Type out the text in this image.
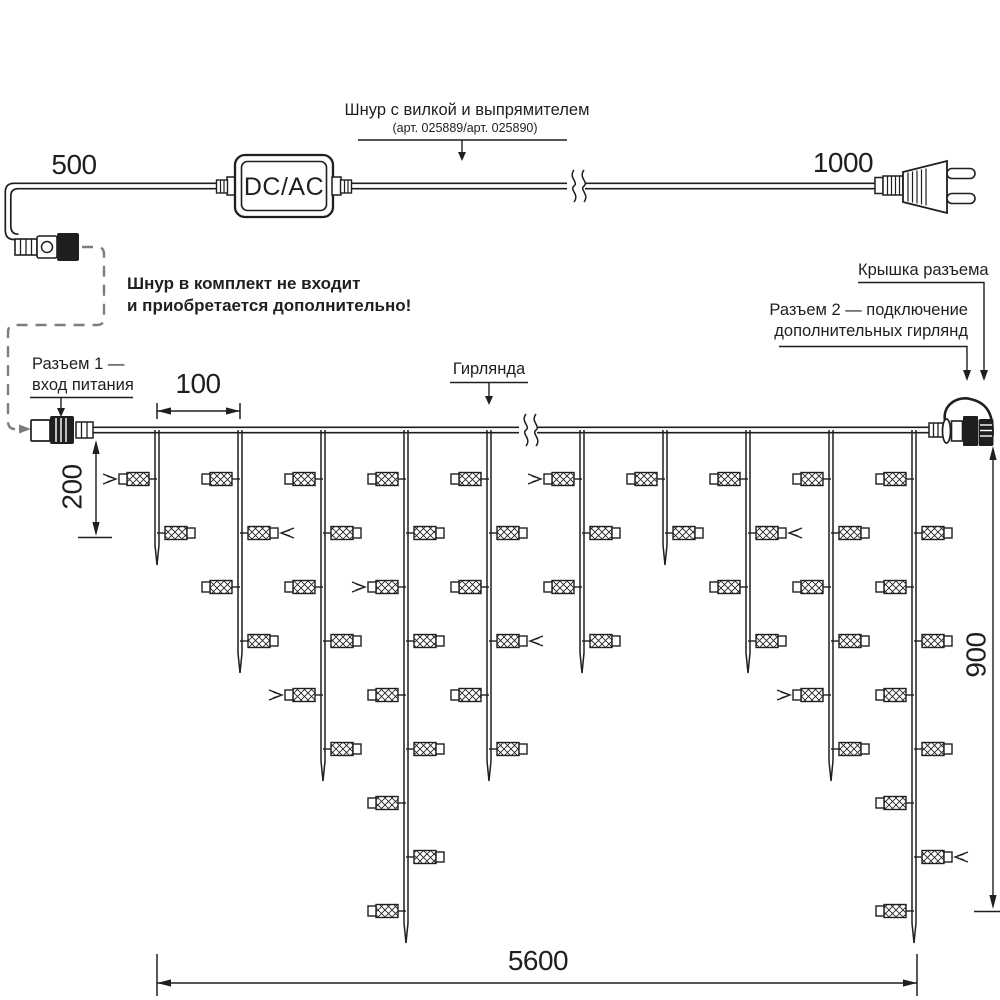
DC/AC
500	1000
Шнур с вилкой и выпрямителем
(арт. 025889/арт. 025890)
Шнур в комплект не входит
и приобретается дополнительно!
Разъем 1 —
вход питания
Гирлянда
Крышка разъема
Разъем 2 — подключение
дополнительных гирлянд
100
200
900
5600
